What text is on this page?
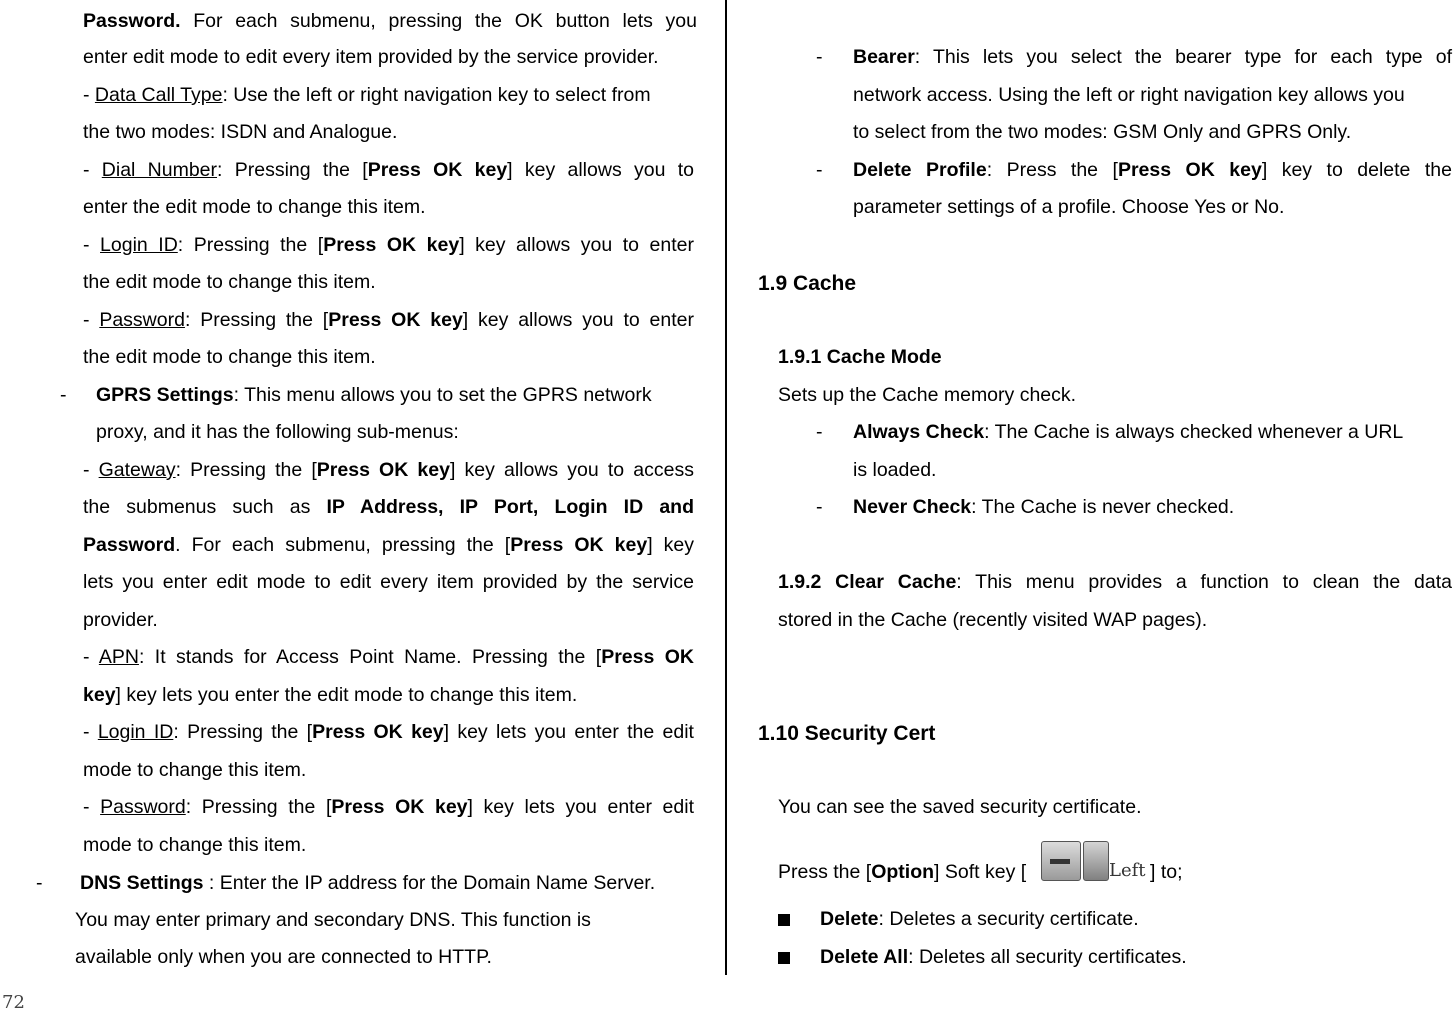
Password. For each submenu, pressing the OK button lets you
enter edit mode to edit every item provided by the service provider.
- Data Call Type: Use the left or right navigation key to select from
the two modes: ISDN and Analogue.
- Dial Number: Pressing the [Press OK key] key allows you to
enter the edit mode to change this item.
- Login ID: Pressing the [Press OK key] key allows you to enter
the edit mode to change this item.
- Password: Pressing the [Press OK key] key allows you to enter
the edit mode to change this item.
- GPRS Settings: This menu allows you to set the GPRS network
proxy, and it has the following sub-menus:
- Gateway: Pressing the [Press OK key] key allows you to access
the submenus such as IP Address, IP Port, Login ID and
Password. For each submenu, pressing the [Press OK key] key
lets you enter edit mode to edit every item provided by the service
provider.
- APN: It stands for Access Point Name. Pressing the [Press OK
key] key lets you enter the edit mode to change this item.
- Login ID: Pressing the [Press OK key] key lets you enter the edit
mode to change this item.
- Password: Pressing the [Press OK key] key lets you enter edit
mode to change this item.
- DNS Settings : Enter the IP address for the Domain Name Server.
You may enter primary and secondary DNS. This function is
available only when you are connected to HTTP.
72
- Bearer: This lets you select the bearer type for each type of
network access. Using the left or right navigation key allows you
to select from the two modes: GSM Only and GPRS Only.
- Delete Profile: Press the [Press OK key] key to delete the
parameter settings of a profile. Choose Yes or No.
1.9 Cache
1.9.1 Cache Mode
Sets up the Cache memory check.
- Always Check: The Cache is always checked whenever a URL
is loaded.
- Never Check: The Cache is never checked.
1.9.2 Clear Cache: This menu provides a function to clean the data
stored in the Cache (recently visited WAP pages).
1.10 Security Cert
You can see the saved security certificate.
Press the [Option] Soft key [	Left ] to;
Delete: Deletes a security certificate.
Delete All: Deletes all security certificates.
